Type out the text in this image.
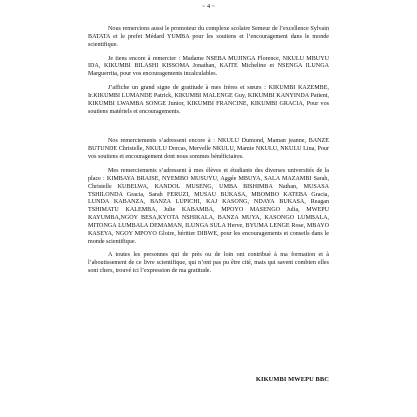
~ 4 ~

Nous remercions aussi le promoteur du complexe scolaire Semeur de l’excellence Sylvain BATATA et le prefet Médard YUMBA pour les soutiens et l’encouragement dans le monde scientifique.

Je tiens encore à remercier : Madame NSEBA MUJINGA Florence, NKULU MBUYU IDA, KIKUMBI BILASHI KISSOMA Jonathan, KAITE Micheline et NSENGA ILUNGA Marguerrita, pour vos encouragements incalculables.

J’affiche un grand signe de gratitude à mes frères et sœurs : KIKUMBI KAZEMBE, Ir.KIKUMBI LUMANDE Patrick, KIKUMBI MALENGE Guy, KIKUMBI KANYINDA Patient, KIKUMBI LWAMBA SONGE Junior, KIKUMBI FRANCINE, KIKUMBI GRACIA, Pour vos soutiens matériels et encouragements.

Nos remerciements s’adressent encore à : NKULU Dumond, Maman jeanne, BANZE BUTUNDE Christelle, NKULU Dorcas, Mervelle NKULU, Mamie NKULU, NKULU Lina, Pour vos soutiens et encouragement dont nous sommes bénéficiaires.

Mes remerciements s’adressent à mes élèves et étudiants des diverses universités de la place : KIMBAYA BRAISE, NYEMBO MUSUYU, Aggée MBUYA, SALA MAZAMBI Sarah, Christelle KUBELWA, KANDOL MUSENG, UMBA BISHIMBA Nathan, MUSASA TSHILONDA Gracia, Sarah FERUZI, MUSAU BUKASA, MBOMBO KATEBA Gracia, LUNDA KABANZA, BANZA LUPICHI, KAJ KASONG, NDAYA BUKASA, Reagan TSHIMATU KALEMBA, Julie KABAMBA, MPOYO MASENGO Julia, MWEPU KAYUMBA,NGOY BESA,KYOTA NSHIKALA, BANZA MUYA, KASONGO LUMBALA, MITONGA LUMBALA DEMAMAN, ILUNGA SULA Herve, BYUMA LENGE Rose, MBAYO KASEYA, NGOY MPOYO Gloire, héritier DIBWE, pour les encouragements et conseils dans le monde scientifique.

A toutes les personnes qui de près ou de loin ont contribué à ma formation et à l’aboutissement de ce livre scientifique, qui n’ont pas pu être cité, mais qui savent combien elles sont chers, trouvé ici l’expression de ma gratitude.

KIKUMBI MWEPU BBC
